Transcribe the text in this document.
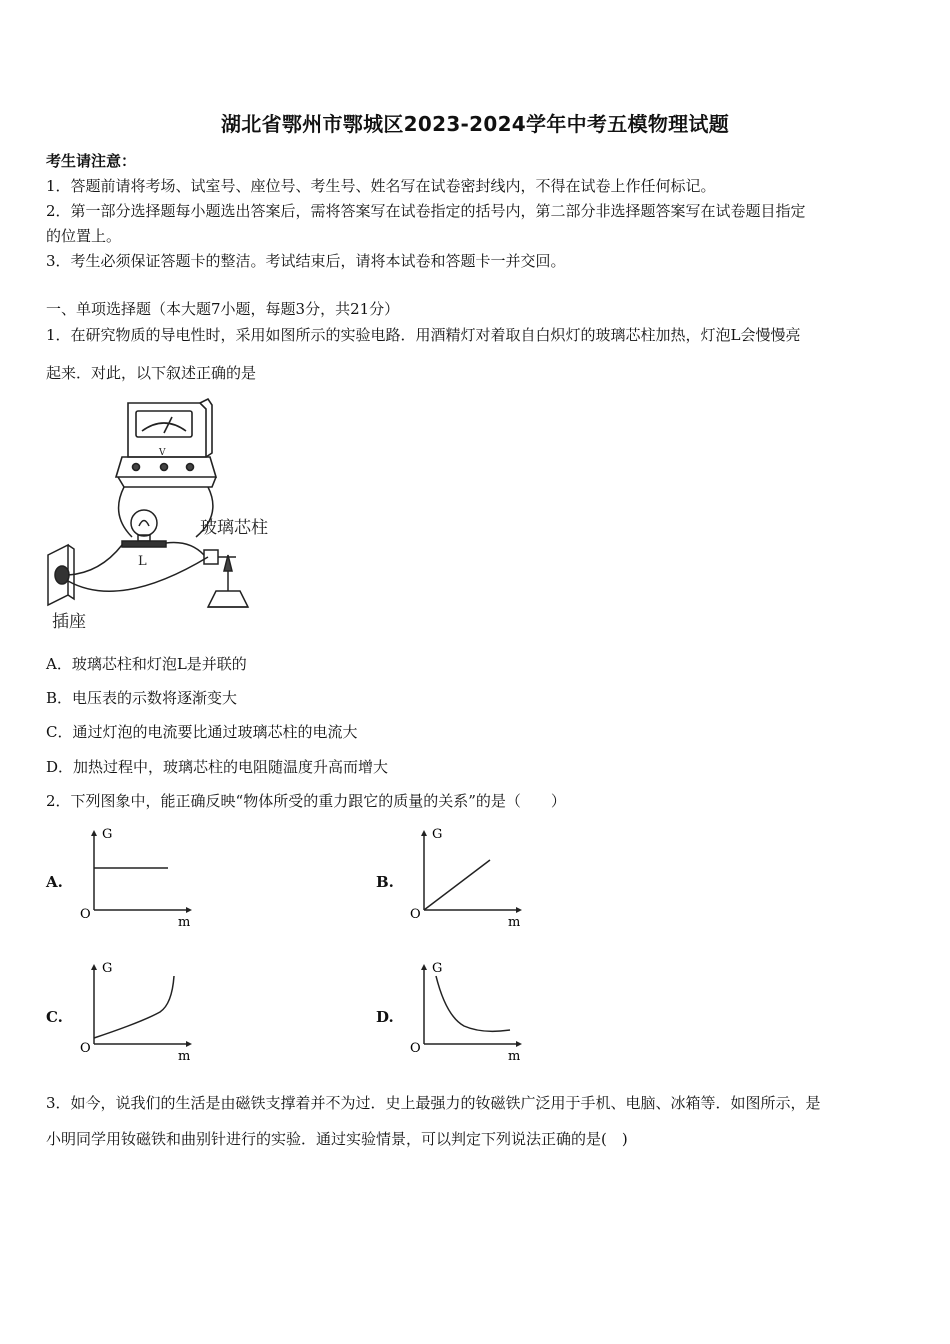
湖北省鄂州市鄂城区2023-2024学年中考五模物理试题
考生请注意：
1．答题前请将考场、试室号、座位号、考生号、姓名写在试卷密封线内，不得在试卷上作任何标记。
2．第一部分选择题每小题选出答案后，需将答案写在试卷指定的括号内，第二部分非选择题答案写在试卷题目指定
的位置上。
3．考生必须保证答题卡的整洁。考试结束后，请将本试卷和答题卡一并交回。
一、单项选择题（本大题7小题，每题3分，共21分）
1．在研究物质的导电性时，采用如图所示的实验电路．用酒精灯对着取自白炽灯的玻璃芯柱加热，灯泡L会慢慢亮
起来．对此，以下叙述正确的是
V
L
插座
玻璃芯柱
A．玻璃芯柱和灯泡L是并联的
B．电压表的示数将逐渐变大
C．通过灯泡的电流要比通过玻璃芯柱的电流大
D．加热过程中，玻璃芯柱的电阻随温度升高而增大
2．下列图象中，能正确反映“物体所受的重力跟它的质量的关系”的是（　　）
A.
G
O
m
B.
G
O
m
C.
G
O
m
D.
G
O
m
3．如今，说我们的生活是由磁铁支撑着并不为过．史上最强力的钕磁铁广泛用于手机、电脑、冰箱等．如图所示，是
小明同学用钕磁铁和曲别针进行的实验．通过实验情景，可以判定下列说法正确的是(　)
